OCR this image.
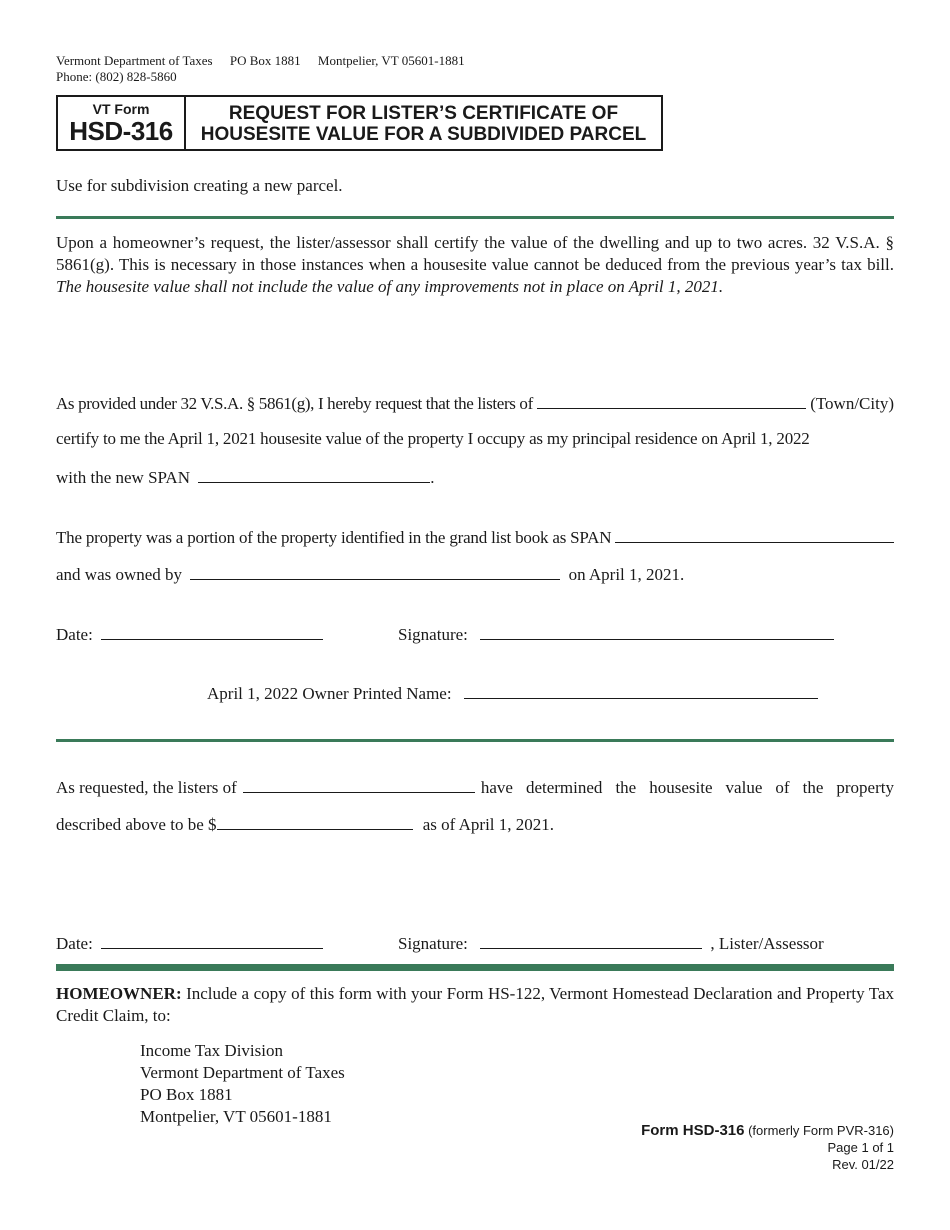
Vermont Department of Taxes PO Box 1881 Montpelier, VT 05601-1881
Phone: (802) 828-5860
VT Form
HSD-316
REQUEST FOR LISTER’S CERTIFICATE OF
HOUSESITE VALUE FOR A SUBDIVIDED PARCEL
Use for subdivision creating a new parcel.
Upon a homeowner’s request, the lister/assessor shall certify the value of the dwelling and up to two acres. 32 V.S.A. § 5861(g). This is necessary in those instances when a housesite value cannot be deduced from the previous year’s tax bill. The housesite value shall not include the value of any improvements not in place on April 1, 2021.
As provided under 32 V.S.A. § 5861(g), I hereby request that the listers of	(Town/City)
certify to me the April 1, 2021 housesite value of the property I occupy as my principal residence on April 1, 2022
with the new SPAN	.
The property was a portion of the property identified in the grand list book as SPAN
and was owned by	on April 1, 2021.
Date:	Signature:
April 1, 2022 Owner Printed Name:
As requested, the listers of	have determined the housesite value of the property
described above to be $	as of April 1, 2021.
Date:	Signature:	, Lister/Assessor
HOMEOWNER: Include a copy of this form with your Form HS-122, Vermont Homestead Declaration and Property Tax Credit Claim, to:
Income Tax Division
Vermont Department of Taxes
PO Box 1881
Montpelier, VT 05601-1881
Form HSD-316 (formerly Form PVR-316)
Page 1 of 1
Rev. 01/22
